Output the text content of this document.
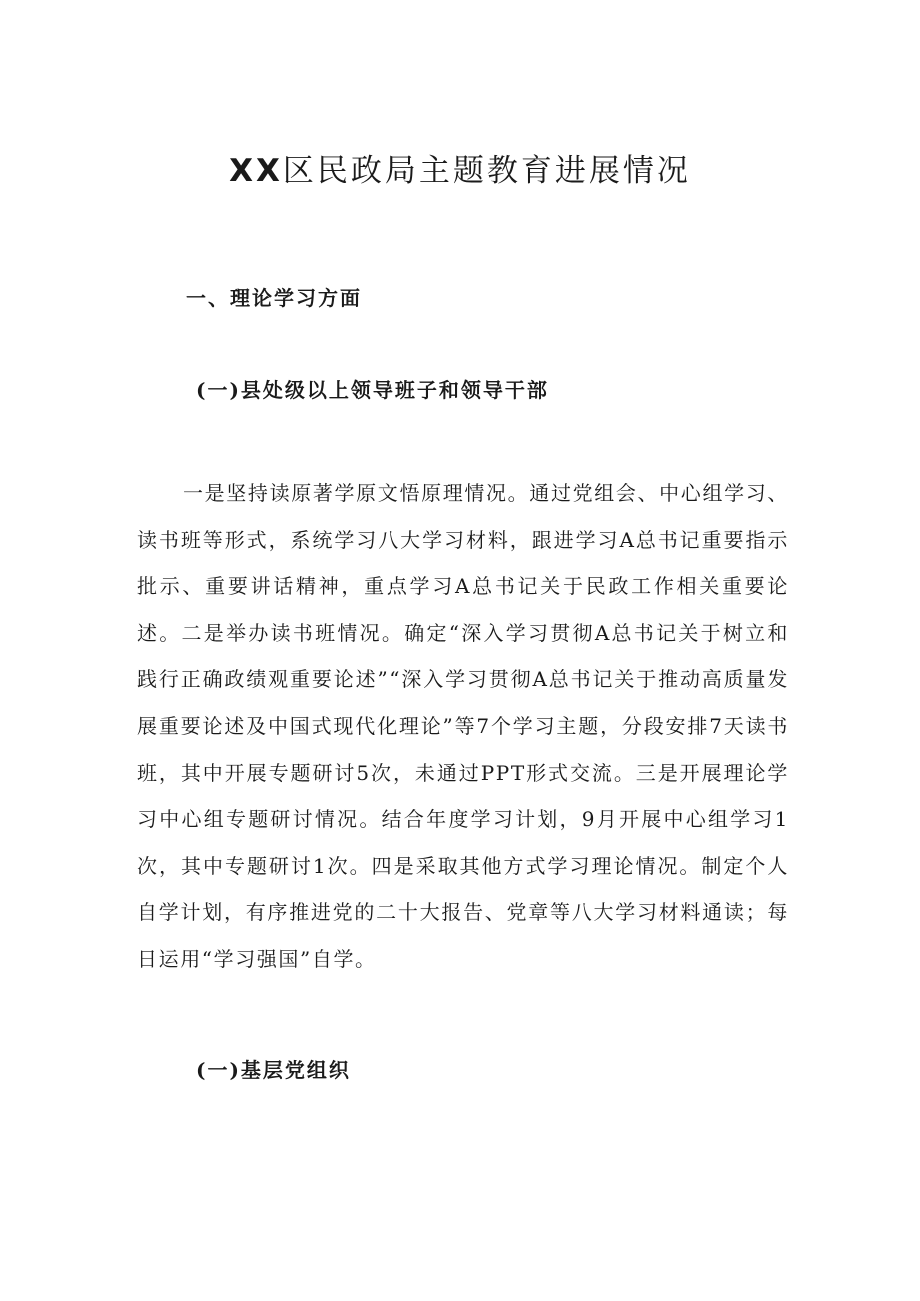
XX区民政局主题教育进展情况
一、理论学习方面
(一)县处级以上领导班子和领导干部

一是坚持读原著学原文悟原理情况。通过党组会、中心组学习、读书班等形式，系统学习八大学习材料，跟进学习A总书记重要指示批示、重要讲话精神，重点学习A总书记关于民政工作相关重要论述。二是举办读书班情况。确定“深入学习贯彻A总书记关于树立和践行正确政绩观重要论述”“深入学习贯彻A总书记关于推动高质量发展重要论述及中国式现代化理论”等7个学习主题，分段安排7天读书班，其中开展专题研讨5次，未通过PPT形式交流。三是开展理论学习中心组专题研讨情况。结合年度学习计划，9月开展中心组学习1次，其中专题研讨1次。四是采取其他方式学习理论情况。制定个人自学计划，有序推进党的二十大报告、党章等八大学习材料通读；每日运用“学习强国”自学。

(一)基层党组织
